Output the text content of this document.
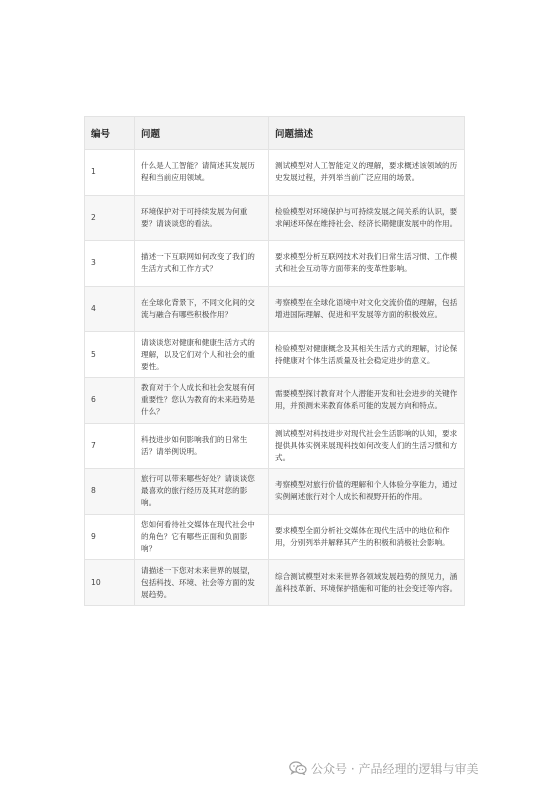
编号	问题	问题描述
1	什么是人工智能？请简述其发展历程和当前应用领域。	测试模型对人工智能定义的理解，要求概述该领域的历史发展过程，并列举当前广泛应用的场景。
2	环境保护对于可持续发展为何重要？请谈谈您的看法。	检验模型对环境保护与可持续发展之间关系的认识，要求阐述环保在维持社会、经济长期健康发展中的作用。
3	描述一下互联网如何改变了我们的生活方式和工作方式？	要求模型分析互联网技术对我们日常生活习惯、工作模式和社会互动等方面带来的变革性影响。
4	在全球化背景下，不同文化间的交流与融合有哪些积极作用？	考察模型在全球化语境中对文化交流价值的理解，包括增进国际理解、促进和平发展等方面的积极效应。
5	请谈谈您对健康和健康生活方式的理解，以及它们对个人和社会的重要性。	检验模型对健康概念及其相关生活方式的理解，讨论保持健康对个体生活质量及社会稳定进步的意义。
6	教育对于个人成长和社会发展有何重要性？您认为教育的未来趋势是什么？	需要模型探讨教育对个人潜能开发和社会进步的关键作用，并预测未来教育体系可能的发展方向和特点。
7	科技进步如何影响我们的日常生活？请举例说明。	测试模型对科技进步对现代社会生活影响的认知，要求提供具体实例来展现科技如何改变人们的生活习惯和方式。
8	旅行可以带来哪些好处？请谈谈您最喜欢的旅行经历及其对您的影响。	考察模型对旅行价值的理解和个人体验分享能力，通过实例阐述旅行对个人成长和视野开拓的作用。
9	您如何看待社交媒体在现代社会中的角色？它有哪些正面和负面影响？	要求模型全面分析社交媒体在现代生活中的地位和作用，分别列举并解释其产生的积极和消极社会影响。
10	请描述一下您对未来世界的展望，包括科技、环境、社会等方面的发展趋势。	综合测试模型对未来世界各领域发展趋势的预见力，涵盖科技革新、环境保护措施和可能的社会变迁等内容。
公众号 · 产品经理的逻辑与审美
